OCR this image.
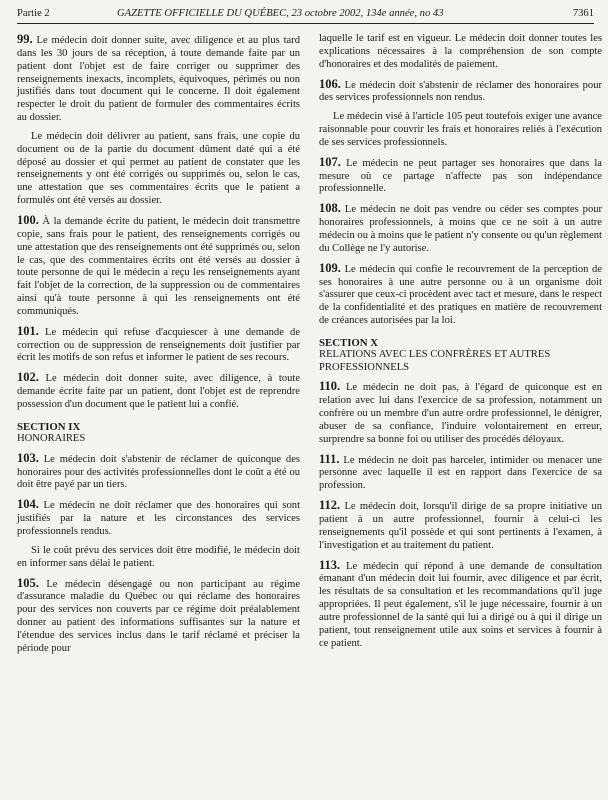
Partie 2	GAZETTE OFFICIELLE DU QUÉBEC, 23 octobre 2002, 134e année, no 43	7361

99. Le médecin doit donner suite, avec diligence et au plus tard dans les 30 jours de sa réception, à toute demande faite par un patient dont l'objet est de faire corriger ou supprimer des renseignements inexacts, incomplets, équivoques, périmés ou non justifiés dans tout document qui le concerne. Il doit également respecter le droit du patient de formuler des commentaires écrits au dossier.

Le médecin doit délivrer au patient, sans frais, une copie du document ou de la partie du document dûment daté qui a été déposé au dossier et qui permet au patient de constater que les renseignements y ont été corrigés ou supprimés ou, selon le cas, une attestation que ses commentaires écrits que le patient a formulés ont été versés au dossier.

100. À la demande écrite du patient, le médecin doit transmettre copie, sans frais pour le patient, des renseignements corrigés ou une attestation que des renseignements ont été supprimés ou, selon le cas, que des commentaires écrits ont été versés au dossier à toute personne de qui le médecin a reçu les renseignements ayant fait l'objet de la correction, de la suppression ou de commentaires ainsi qu'à toute personne à qui les renseignements ont été communiqués.

101. Le médecin qui refuse d'acquiescer à une demande de correction ou de suppression de renseignements doit justifier par écrit les motifs de son refus et informer le patient de ses recours.

102. Le médecin doit donner suite, avec diligence, à toute demande écrite faite par un patient, dont l'objet est de reprendre possession d'un document que le patient lui a confié.

SECTION IX
HONORAIRES

103. Le médecin doit s'abstenir de réclamer de quiconque des honoraires pour des activités professionnelles dont le coût a été ou doit être payé par un tiers.

104. Le médecin ne doit réclamer que des honoraires qui sont justifiés par la nature et les circonstances des services professionnels rendus.

Si le coût prévu des services doit être modifié, le médecin doit en informer sans délai le patient.

105. Le médecin désengagé ou non participant au régime d'assurance maladie du Québec ou qui réclame des honoraires pour des services non couverts par ce régime doit préalablement donner au patient des informations suffisantes sur la nature et l'étendue des services inclus dans le tarif réclamé et préciser la période pour

laquelle le tarif est en vigueur. Le médecin doit donner toutes les explications nécessaires à la compréhension de son compte d'honoraires et des modalités de paiement.

106. Le médecin doit s'abstenir de réclamer des honoraires pour des services professionnels non rendus.

Le médecin visé à l'article 105 peut toutefois exiger une avance raisonnable pour couvrir les frais et honoraires reliés à l'exécution de ses services professionnels.

107. Le médecin ne peut partager ses honoraires que dans la mesure où ce partage n'affecte pas son indépendance professionnelle.

108. Le médecin ne doit pas vendre ou céder ses comptes pour honoraires professionnels, à moins que ce ne soit à un autre médecin ou à moins que le patient n'y consente ou qu'un règlement du Collège ne l'y autorise.

109. Le médecin qui confie le recouvrement de la perception de ses honoraires à une autre personne ou à un organisme doit s'assurer que ceux-ci procèdent avec tact et mesure, dans le respect de la confidentialité et des pratiques en matière de recouvrement de créances autorisées par la loi.

SECTION X
RELATIONS AVEC LES CONFRÈRES ET AUTRES PROFESSIONNELS

110. Le médecin ne doit pas, à l'égard de quiconque est en relation avec lui dans l'exercice de sa profession, notamment un confrère ou un membre d'un autre ordre professionnel, le dénigrer, abuser de sa confiance, l'induire volontairement en erreur, surprendre sa bonne foi ou utiliser des procédés déloyaux.

111. Le médecin ne doit pas harceler, intimider ou menacer une personne avec laquelle il est en rapport dans l'exercice de sa profession.

112. Le médecin doit, lorsqu'il dirige de sa propre initiative un patient à un autre professionnel, fournir à celui-ci les renseignements qu'il possède et qui sont pertinents à l'examen, à l'investigation et au traitement du patient.

113. Le médecin qui répond à une demande de consultation émanant d'un médecin doit lui fournir, avec diligence et par écrit, les résultats de sa consultation et les recommandations qu'il juge appropriées. Il peut également, s'il le juge nécessaire, fournir à un autre professionnel de la santé qui lui a dirigé ou à qui il dirige un patient, tout renseignement utile aux soins et services à fournir à ce patient.
